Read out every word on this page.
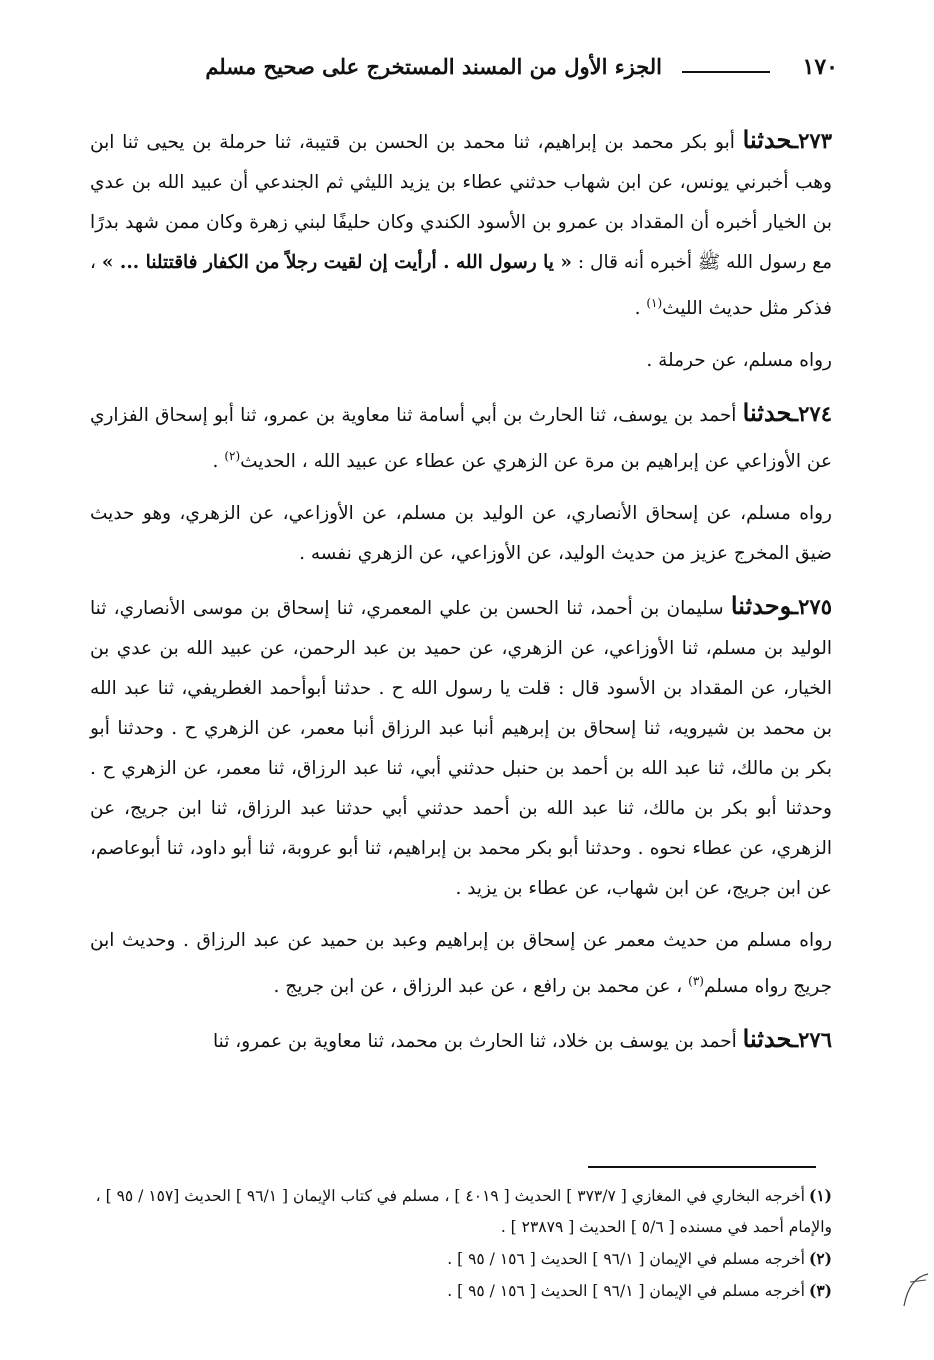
١٧٠
الجزء الأول من المسند المستخرج على صحيح مسلم

٢٧٣ـحدثنا أبو بكر محمد بن إبراهيم، ثنا محمد بن الحسن بن قتيبة، ثنا حرملة بن يحيى ثنا ابن وهب أخبرني يونس، عن ابن شهاب حدثني عطاء بن يزيد الليثي ثم الجندعي أن عبيد الله بن عدي بن الخيار أخبره أن المقداد بن عمرو بن الأسود الكندي وكان حليفًا لبني زهرة وكان ممن شهد بدرًا مع رسول الله ﷺ أخبره أنه قال : « يا رسول الله . أرأيت إن لقيت رجلاً من الكفار فاقتتلنا ... » ، فذكر مثل حديث الليث$^{(١)}$ .

رواه مسلم، عن حرملة .

٢٧٤ـحدثنا أحمد بن يوسف، ثنا الحارث بن أبي أسامة ثنا معاوية بن عمرو، ثنا أبو إسحاق الفزاري عن الأوزاعي عن إبراهيم بن مرة عن الزهري عن عطاء عن عبيد الله ، الحديث$^{(٢)}$ .

رواه مسلم، عن إسحاق الأنصاري، عن الوليد بن مسلم، عن الأوزاعي، عن الزهري، وهو حديث ضيق المخرج عزيز من حديث الوليد، عن الأوزاعي، عن الزهري نفسه .

٢٧٥ـوحدثنا سليمان بن أحمد، ثنا الحسن بن علي المعمري، ثنا إسحاق بن موسى الأنصاري، ثنا الوليد بن مسلم، ثنا الأوزاعي، عن الزهري، عن حميد بن عبد الرحمن، عن عبيد الله بن عدي بن الخيار، عن المقداد بن الأسود قال : قلت يا رسول الله ح . حدثنا أبوأحمد الغطريفي، ثنا عبد الله بن محمد بن شيرويه، ثنا إسحاق بن إبرهيم أنبا عبد الرزاق أنبا معمر، عن الزهري ح . وحدثنا أبو بكر بن مالك، ثنا عبد الله بن أحمد بن حنبل حدثني أبي، ثنا عبد الرزاق، ثنا معمر، عن الزهري ح . وحدثنا أبو بكر بن مالك، ثنا عبد الله بن أحمد حدثني أبي حدثنا عبد الرزاق، ثنا ابن جريج، عن الزهري، عن عطاء نحوه . وحدثنا أبو بكر محمد بن إبراهيم، ثنا أبو عروبة، ثنا أبو داود، ثنا أبوعاصم، عن ابن جريج، عن ابن شهاب، عن عطاء بن يزيد .

رواه مسلم من حديث معمر عن إسحاق بن إبراهيم وعبد بن حميد عن عبد الرزاق . وحديث ابن جريج رواه مسلم$^{(٣)}$ ، عن محمد بن رافع ، عن عبد الرزاق ، عن ابن جريج .

٢٧٦ـحدثنا أحمد بن يوسف بن خلاد، ثنا الحارث بن محمد، ثنا معاوية بن عمرو، ثنا

(١)أخرجه البخاري في المغازي [ ٣٧٣/٧ ] الحديث [ ٤٠١٩ ] ، مسلم في كتاب الإيمان [ ٩٦/١ ] الحديث [١٥٧ / ٩٥ ] ، والإمام أحمد في مسنده [ ٥/٦ ] الحديث [ ٢٣٨٧٩ ] .

(٢)أخرجه مسلم في الإيمان [ ٩٦/١ ] الحديث [ ١٥٦ / ٩٥ ] .

(٣)أخرجه مسلم في الإيمان [ ٩٦/١ ] الحديث [ ١٥٦ / ٩٥ ] .
